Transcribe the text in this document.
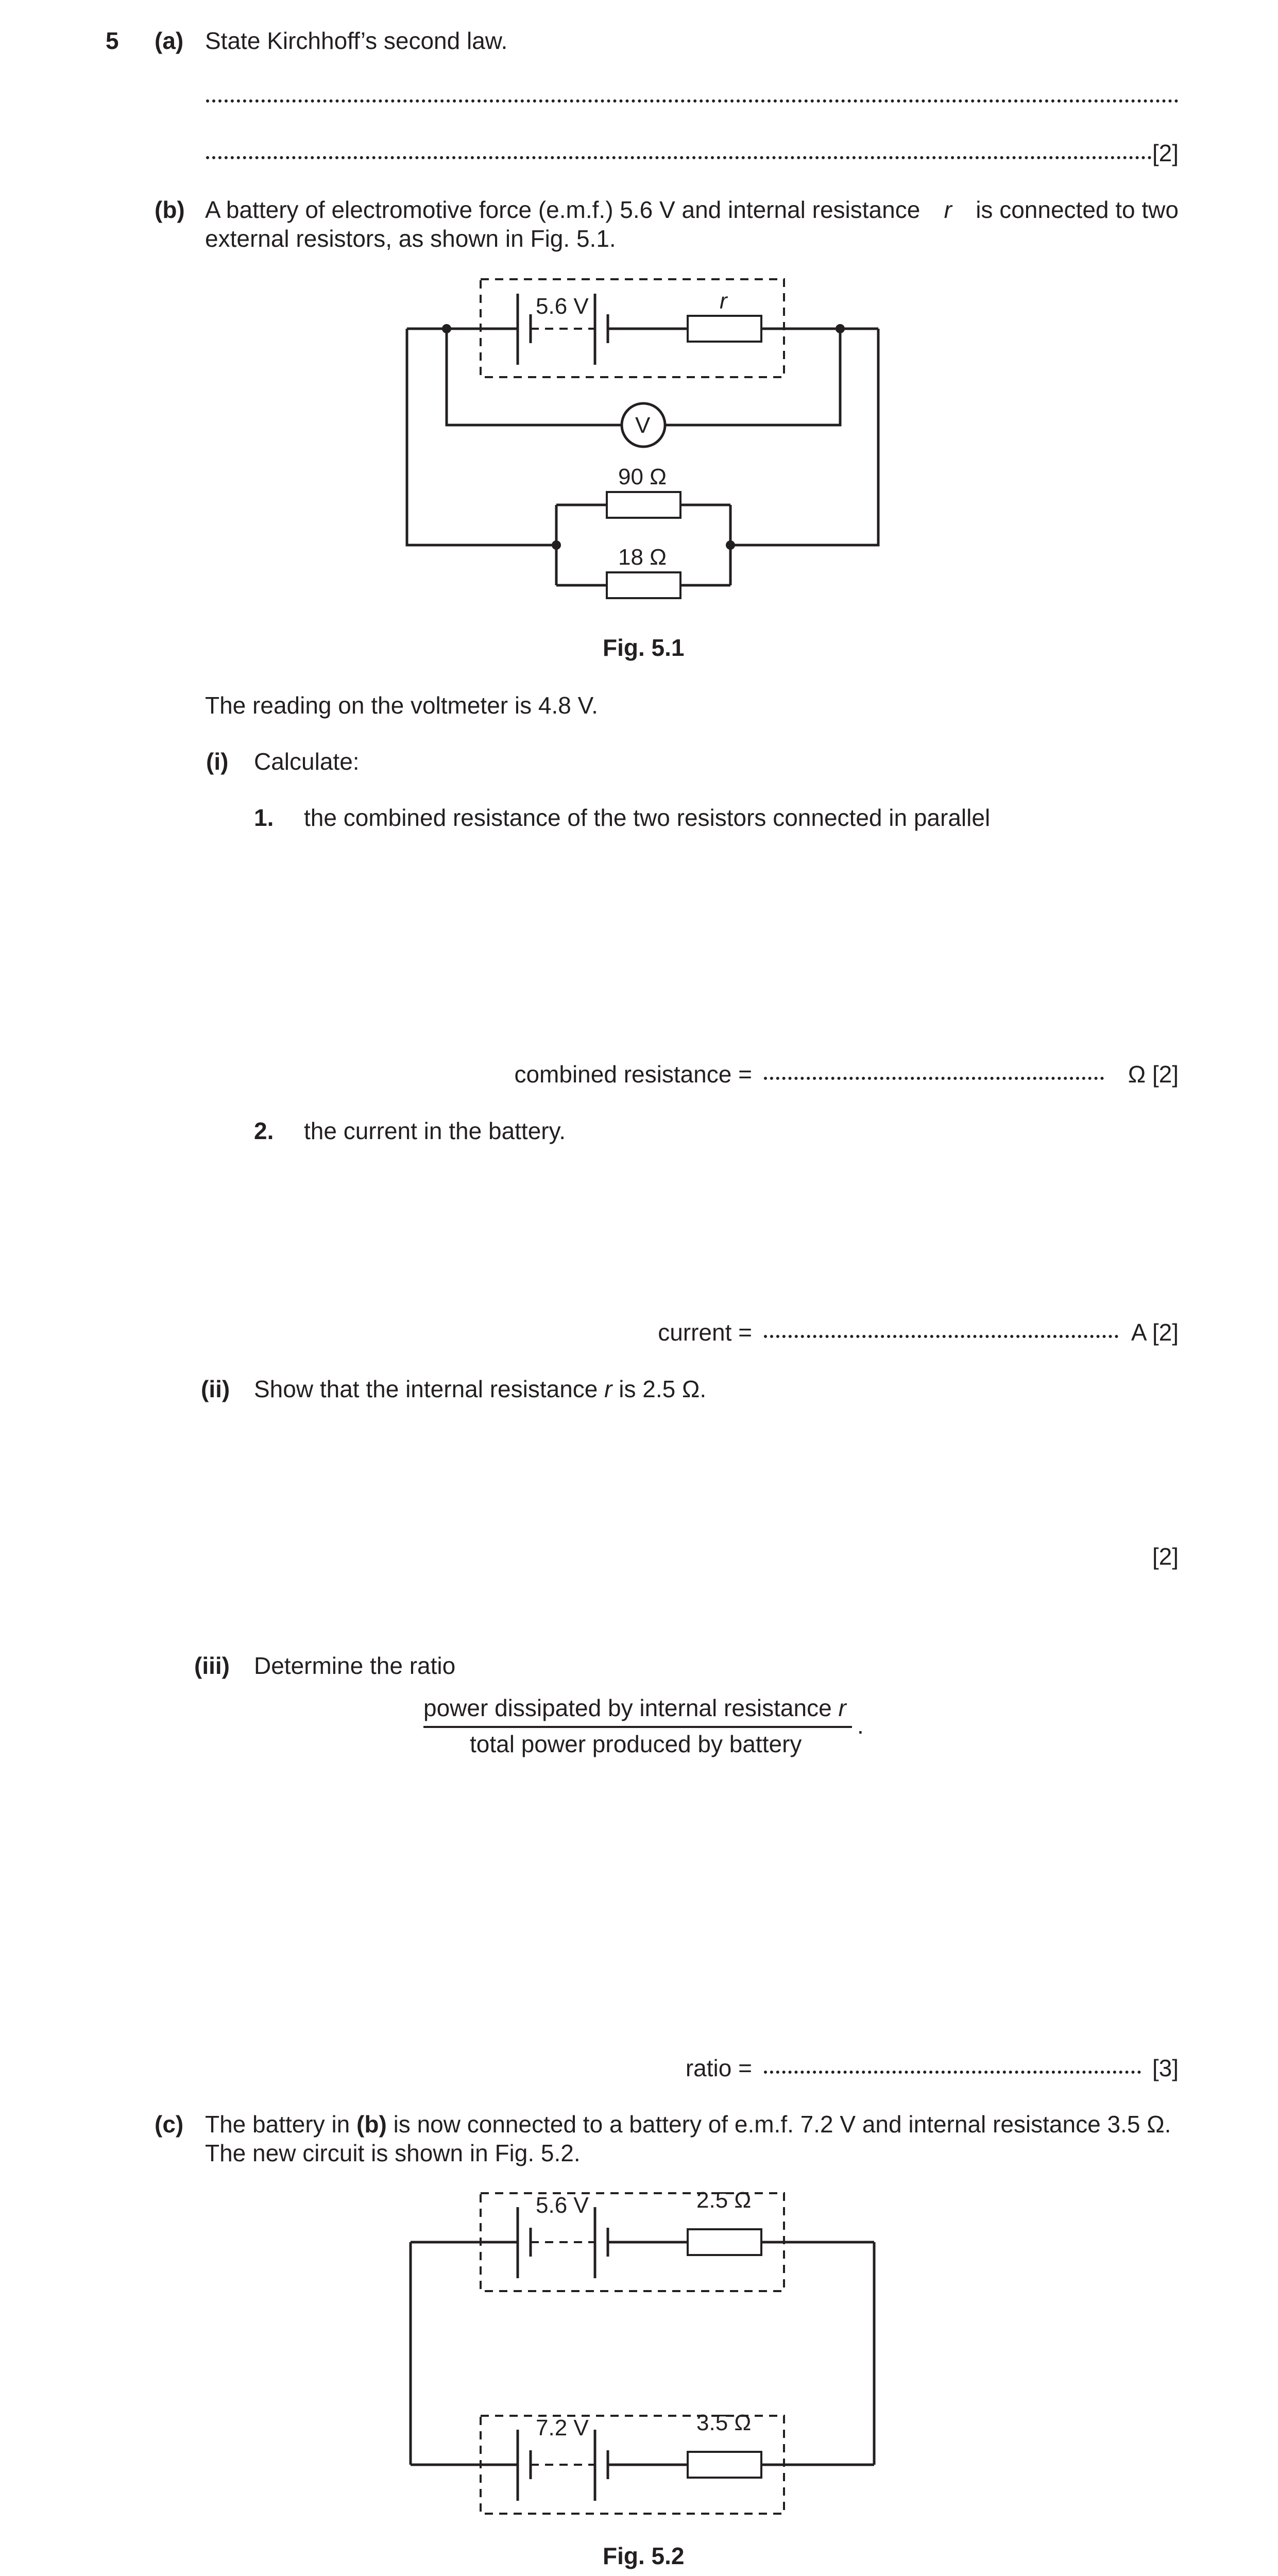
5 (a) State Kirchhoff’s second law.
[2]
(b) A battery of electromotive force (e.m.f.) 5.6 V and internal resistance r is connected to two
external resistors, as shown in Fig. 5.1.
5.6 V	r
V
90 Ω
18 Ω
Fig. 5.1
The reading on the voltmeter is 4.8 V.
(i) Calculate:
1. the combined resistance of the two resistors connected in parallel
combined resistance =	Ω [2]
2. the current in the battery.
current =	A [2]
(ii) Show that the internal resistance r is 2.5 Ω.
[2]
(iii) Determine the ratio
power dissipated by internal resistance r
total power produced by battery
.
ratio =	[3]
(c) The battery in (b) is now connected to a battery of e.m.f. 7.2 V and internal resistance 3.5 Ω.
The new circuit is shown in Fig. 5.2.
5.6 V	2.5 Ω
7.2 V	3.5 Ω
Fig. 5.2
